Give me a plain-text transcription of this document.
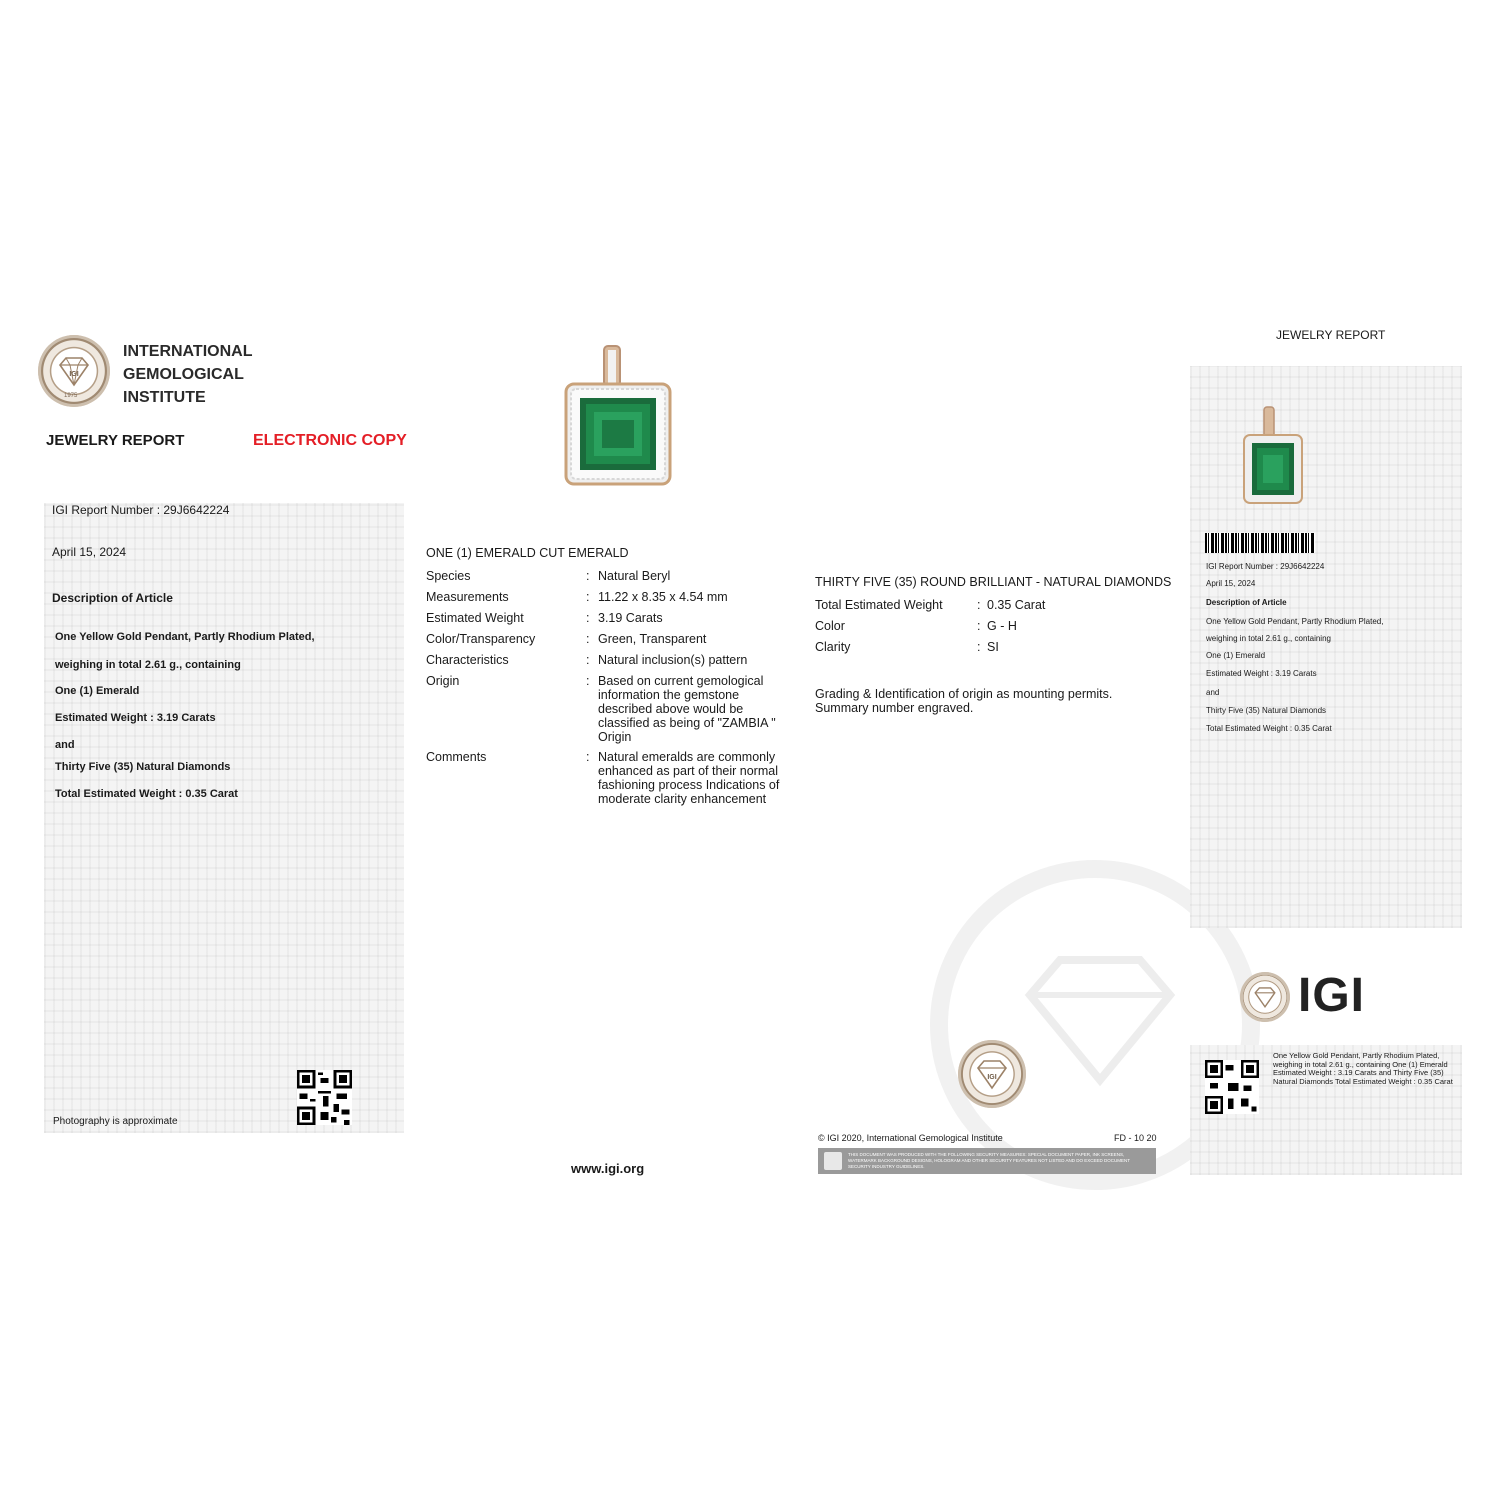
IGI
1975
INTERNATIONAL
GEMOLOGICAL
INSTITUTE
JEWELRY REPORT	ELECTRONIC COPY
IGI Report Number : 29J6642224
April 15, 2024
Description of Article
One Yellow Gold Pendant, Partly Rhodium Plated,
weighing in total 2.61 g., containing
One (1) Emerald
Estimated Weight : 3.19 Carats
and
Thirty Five (35) Natural Diamonds
Total Estimated Weight : 0.35 Carat
Photography is approximate
ONE (1) EMERALD CUT EMERALD
Species	: Natural Beryl
Measurements	: 11.22 x 8.35 x 4.54 mm
Estimated Weight	: 3.19 Carats
Color/Transparency	: Green, Transparent
Characteristics	: Natural inclusion(s) pattern
Origin	: Based on current gemological information the gemstone described above would be classified as being of "ZAMBIA " Origin
Comments	: Natural emeralds are commonly enhanced as part of their normal fashioning process Indications of moderate clarity enhancement
THIRTY FIVE (35) ROUND BRILLIANT - NATURAL DIAMONDS
Total Estimated Weight	: 0.35 Carat
Color	: G - H
Clarity	: SI
Grading & Identification of origin as mounting permits. Summary number engraved.
IGI
© IGI 2020, International Gemological Institute	FD - 10 20
THIS DOCUMENT WAS PRODUCED WITH THE FOLLOWING SECURITY MEASURES: SPECIAL DOCUMENT PAPER, INK SCREENS, WATERMARK BACKGROUND DESIGNS, HOLOGRAM AND OTHER SECURITY FEATURES NOT LISTED AND DO EXCEED DOCUMENT SECURITY INDUSTRY GUIDELINES.
www.igi.org
JEWELRY REPORT
IGI Report Number : 29J6642224
April 15, 2024
Description of Article
One Yellow Gold Pendant, Partly Rhodium Plated,
weighing in total 2.61 g., containing
One (1) Emerald
Estimated Weight : 3.19 Carats
and
Thirty Five (35) Natural Diamonds
Total Estimated Weight : 0.35 Carat
IGI
One Yellow Gold Pendant, Partly Rhodium Plated, weighing in total 2.61 g., containing One (1) Emerald Estimated Weight : 3.19 Carats and Thirty Five (35) Natural Diamonds Total Estimated Weight : 0.35 Carat
